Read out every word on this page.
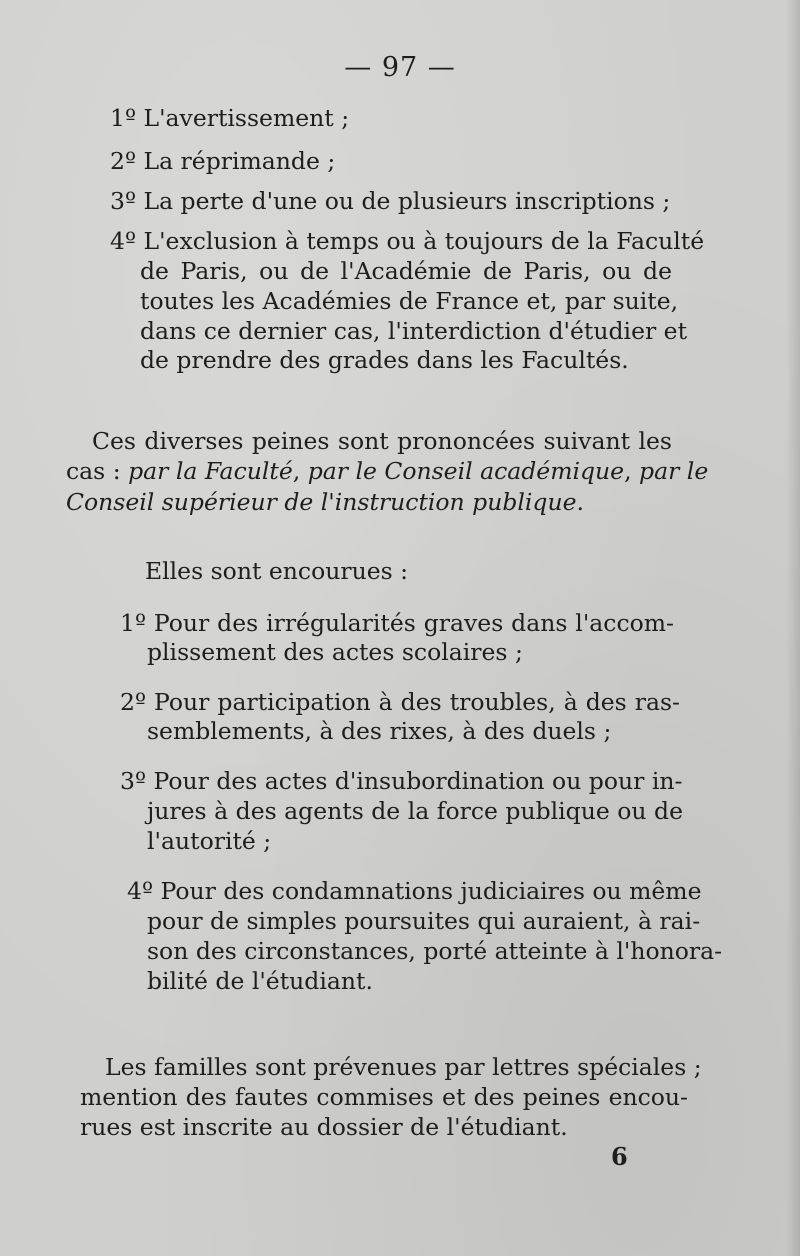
— 97 —
1º L'avertissement ;
2º La réprimande ;
3º La perte d'une ou de plusieurs inscriptions ;
4º L'exclusion à temps ou à toujours de la Faculté
de Paris, ou de l'Académie de Paris, ou de
toutes les Académies de France et, par suite,
dans ce dernier cas, l'interdiction d'étudier et
de prendre des grades dans les Facultés.
Ces diverses peines sont prononcées suivant les
cas : par la Faculté, par le Conseil académique, par le
Conseil supérieur de l'instruction publique.
Elles sont encourues :
1º Pour des irrégularités graves dans l'accom-
plissement des actes scolaires ;
2º Pour participation à des troubles, à des ras-
semblements, à des rixes, à des duels ;
3º Pour des actes d'insubordination ou pour in-
jures à des agents de la force publique ou de
l'autorité ;
4º Pour des condamnations judiciaires ou même
pour de simples poursuites qui auraient, à rai-
son des circonstances, porté atteinte à l'honora-
bilité de l'étudiant.
Les familles sont prévenues par lettres spéciales ;
mention des fautes commises et des peines encou-
rues est inscrite au dossier de l'étudiant.
6
